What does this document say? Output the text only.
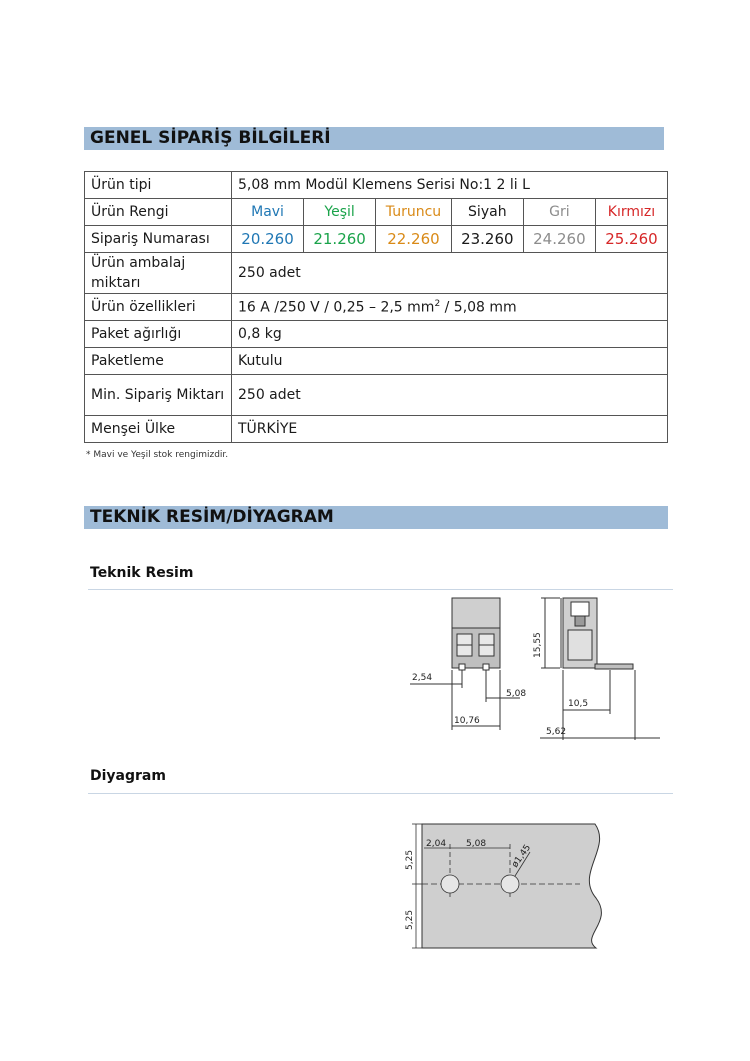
GENEL SİPARİŞ BİLGİLERİ
Ürün tipi	5,08 mm Modül Klemens Serisi No:1 2 li L					
Ürün Rengi	Mavi	Yeşil	Turuncu	Siyah	Gri	Kırmızı
Sipariş Numarası	20.260	21.260	22.260	23.260	24.260	25.260
Ürün ambalaj miktarı	250 adet					
Ürün özellikleri	16 A /250 V / 0,25 – 2,5 $mm^2 / 5,08$ mm					
Paket ağırlığı	0,8 kg					
Paketleme	Kutulu					
Min. Sipariş Miktarı	250 adet					
Menşei Ülke	TÜRKİYE					
* Mavi ve Yeşil stok rengimizdir.
TEKNİK RESİM/DİYAGRAM
Teknik Resim
2,54
5,08
10,76
15,55
10,5
5,62
Diyagram
2,04 5,08	ø1,45
5,25
5,25
